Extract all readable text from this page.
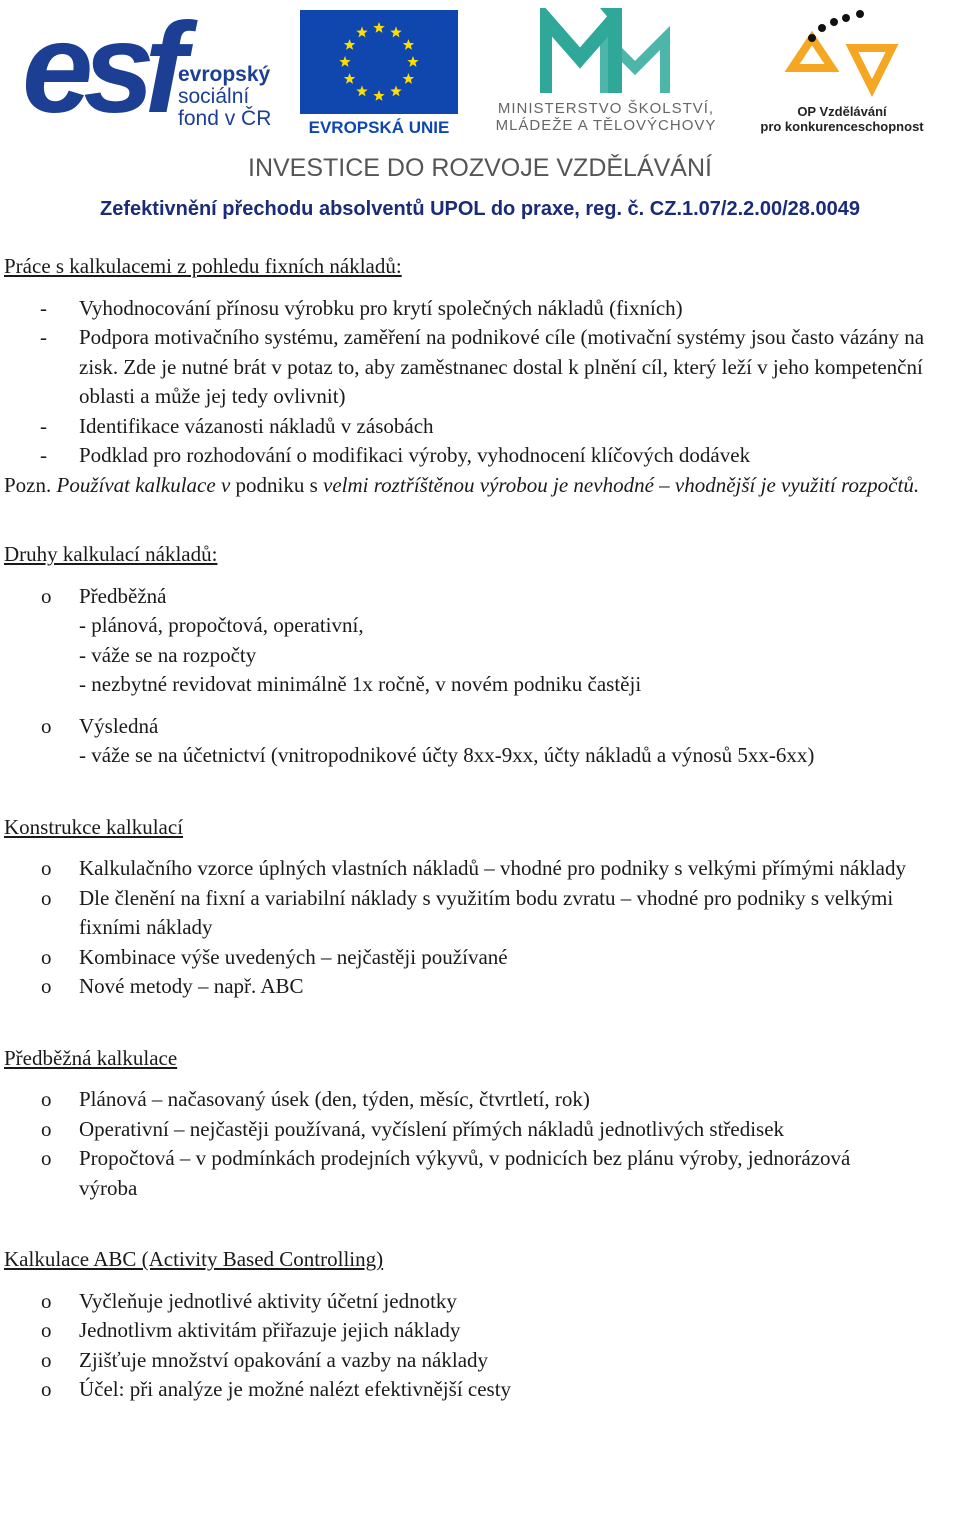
esf evropský
sociální
fond v ČR	EVROPSKÁ UNIE
MINISTERSTVO ŠKOLSTVÍ,
MLÁDEŽE A TĚLOVÝCHOVY
OP Vzdělávání
pro konkurenceschopnost
INVESTICE DO ROZVOJE VZDĚLÁVÁNÍ
Zefektivnění přechodu absolventů UPOL do praxe, reg. č. CZ.1.07/2.2.00/28.0049

Práce s kalkulacemi z pohledu fixních nákladů:

- Vyhodnocování přínosu výrobku pro krytí společných nákladů (fixních)
- Podpora motivačního systému, zaměření na podnikové cíle (motivační systémy jsou často vázány na zisk. Zde je nutné brát v potaz to, aby zaměstnanec dostal k plnění cíl, který leží v jeho kompetenční oblasti a může jej tedy ovlivnit)
- Identifikace vázanosti nákladů v zásobách
- Podklad pro rozhodování o modifikaci výroby, vyhodnocení klíčových dodávek
Pozn. Používat kalkulace v podniku s velmi roztříštěnou výrobou je nevhodné – vhodnější je využití rozpočtů.

Druhy kalkulací nákladů:

o Předběžná
- plánová, propočtová, operativní,
- váže se na rozpočty
- nezbytné revidovat minimálně 1x ročně, v novém podniku častěji
o Výsledná
- váže se na účetnictví (vnitropodnikové účty 8xx-9xx, účty nákladů a výnosů 5xx-6xx)

Konstrukce kalkulací

o Kalkulačního vzorce úplných vlastních nákladů – vhodné pro podniky s velkými přímými náklady
o Dle členění na fixní a variabilní náklady s využitím bodu zvratu – vhodné pro podniky s velkými fixními náklady
o Kombinace výše uvedených – nejčastěji používané
o Nové metody – např. ABC

Předběžná kalkulace

o Plánová – načasovaný úsek (den, týden, měsíc, čtvrtletí, rok)
o Operativní – nejčastěji používaná, vyčíslení přímých nákladů jednotlivých středisek
o Propočtová – v podmínkách prodejních výkyvů, v podnicích bez plánu výroby, jednorázová výroba

Kalkulace ABC (Activity Based Controlling)

o Vyčleňuje jednotlivé aktivity účetní jednotky
o Jednotlivm aktivitám přiřazuje jejich náklady
o Zjišťuje množství opakování a vazby na náklady
o Účel: při analýze je možné nalézt efektivnější cesty
